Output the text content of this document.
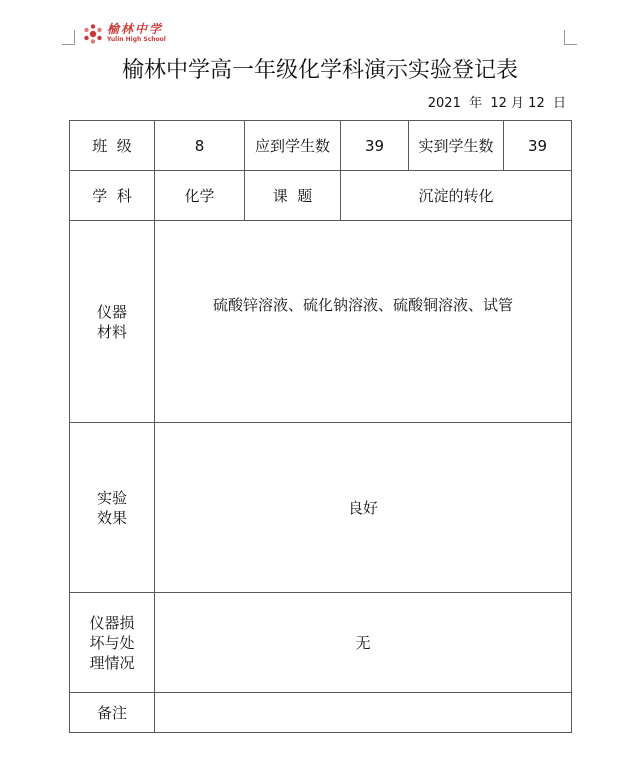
榆林中学
Yulin High School
榆林中学高一年级化学科演示实验登记表
2021  年  12 月 12  日
班  级	8	应到学生数	39	实到学生数	39
学  科	化学	课  题	沉淀的转化		

仪器
材料	硫酸锌溶液、硫化钠溶液、硫酸铜溶液、试管				

实验
效果	良好				

仪器损
坏与处
理情况	无				
备注					
